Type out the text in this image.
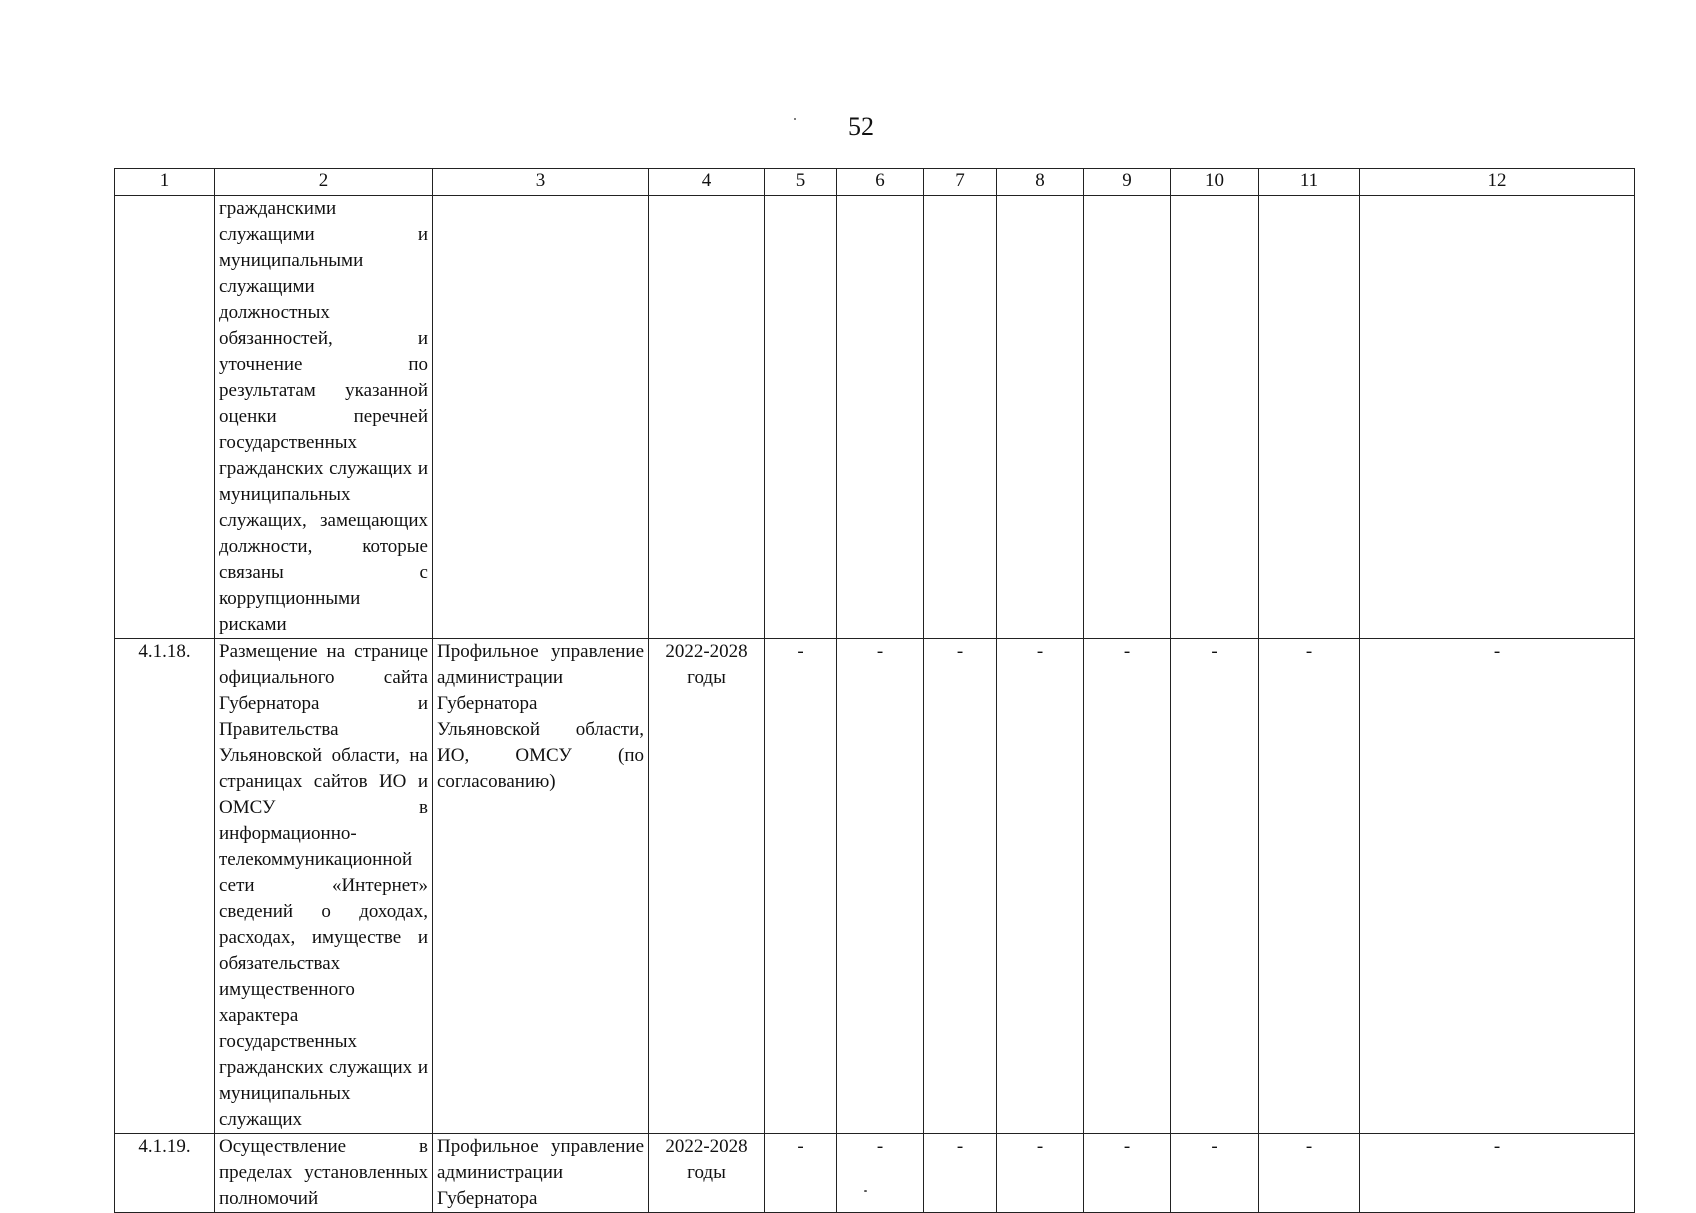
52
1	2	3	4	5	6	7	8	9	10	11	12
	гражданскими служащими и муниципальными служащими должностных обязанностей, и уточнение по результатам указанной оценки перечней государственных гражданских служащих и муниципальных служащих, замещающих должности, которые связаны с коррупционными рисками										
4.1.18.	Размещение на странице официального сайта Губернатора и Правительства Ульяновской области, на страницах сайтов ИО и ОМСУ в информационно-телекоммуникационной сети «Интернет» сведений о доходах, расходах, имуществе и обязательствах имущественного характера государственных гражданских служащих и муниципальных служащих	Профильное управление администрации Губернатора Ульяновской области, ИО, ОМСУ (по согласованию)	2022-2028 годы	-	-	-	-	-	-	-	-
4.1.19.	Осуществление в пределах установленных полномочий	Профильное управление администрации Губернатора	2022-2028 годы	-	-	-	-	-	-	-	-
